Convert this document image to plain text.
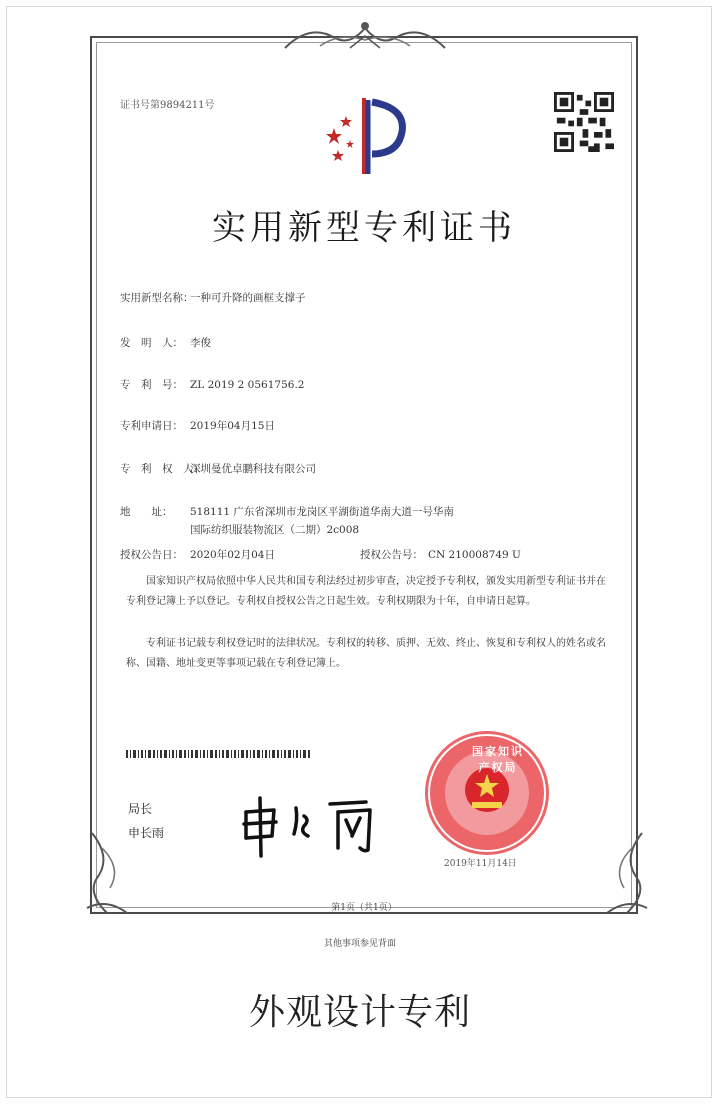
证书号第9894211号
实用新型专利证书
实用新型名称：一种可升降的画框支撑子
发　明　人： 李俊
专　利　号： ZL 2019 2 0561756.2
专利申请日： 2019年04月15日
专　利　权　人：深圳曼优卓鹏科技有限公司
地　　址： 518111 广东省深圳市龙岗区平湖街道华南大道一号华南
国际纺织服装物流区（二期）2c008
授权公告日： 2020年02月04日	授权公告号： CN 210008749 U
国家知识产权局依照中华人民共和国专利法经过初步审查，决定授予专利权，颁发实用新型专利证书并在专利登记簿上予以登记。专利权自授权公告之日起生效。专利权期限为十年，自申请日起算。
专利证书记载专利权登记时的法律状况。专利权的转移、质押、无效、终止、恢复和专利权人的姓名或名称、国籍、地址变更等事项记载在专利登记簿上。
局长
申长雨
国家知识产权局
2019年11月14日
第1页（共1页）
其他事项参见背面
外观设计专利
